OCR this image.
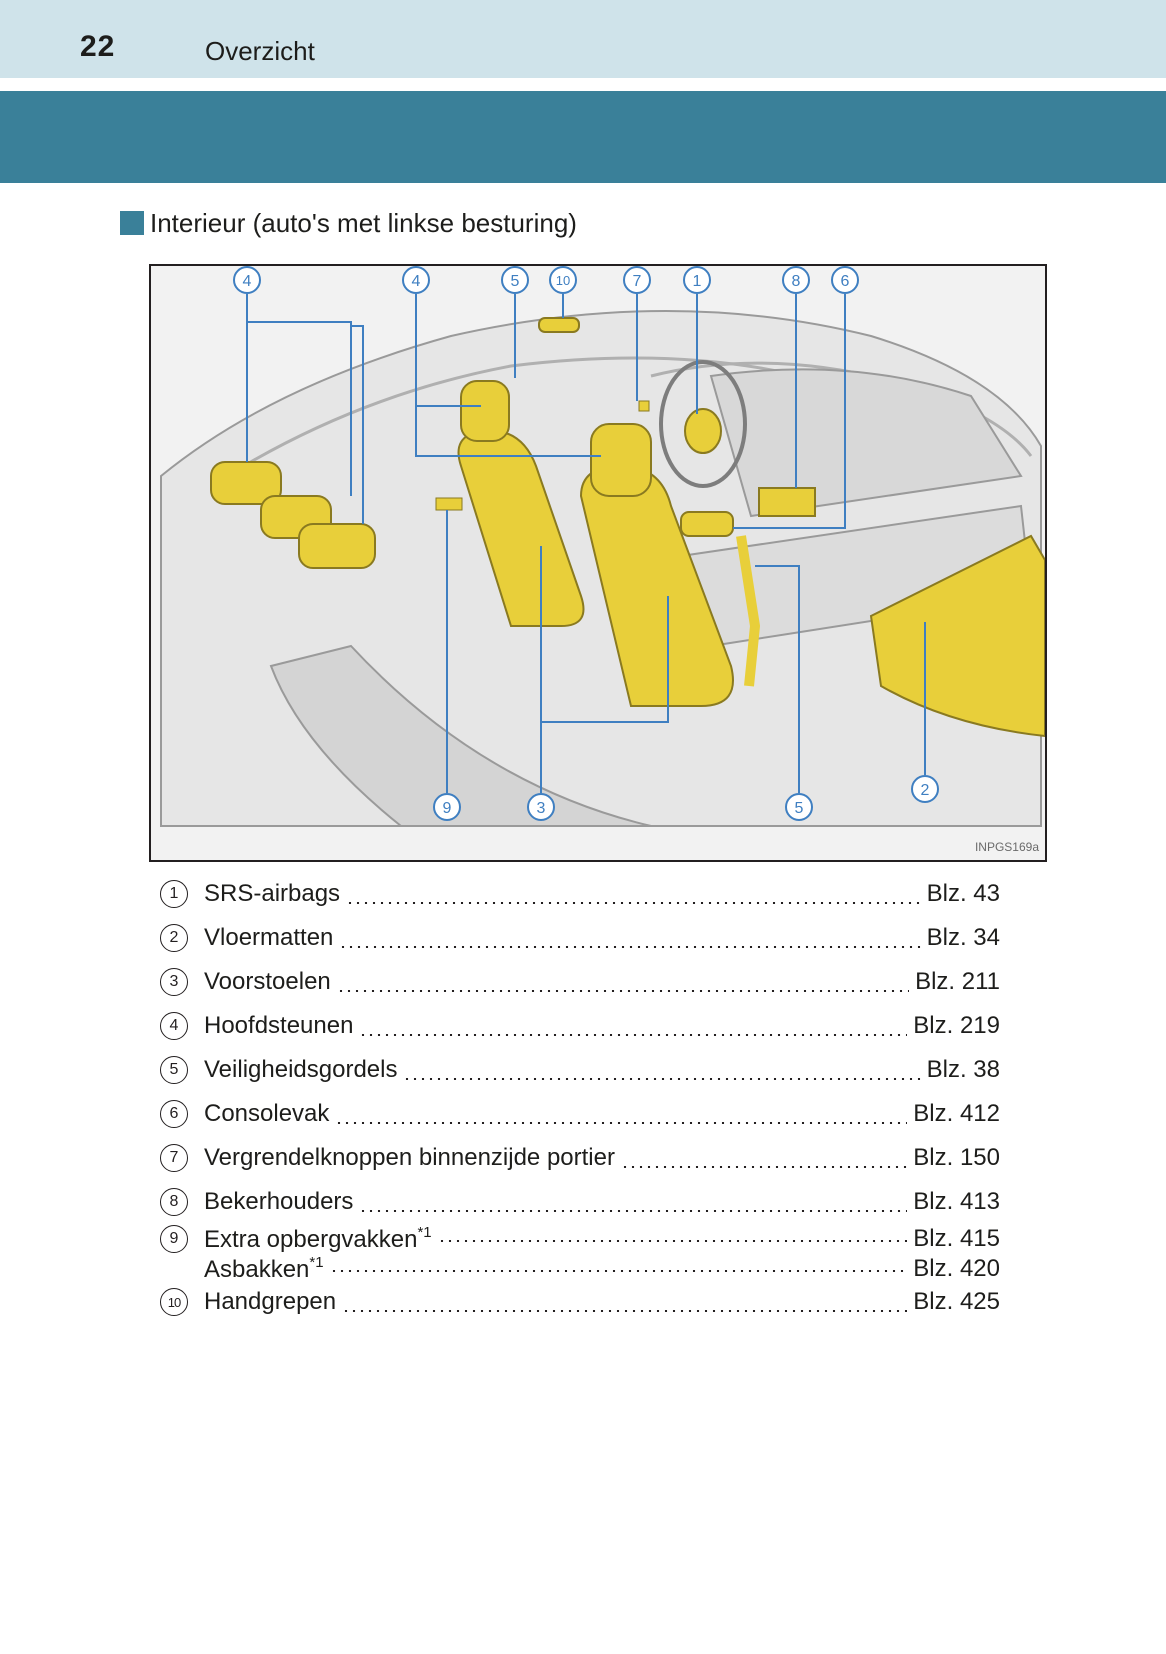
22	Overzicht
Interieur (auto's met linkse besturing)
4	4	5	10	7	1	8	6
9	3	5
2
INPGS169a
1	SRS-airbags	Blz. 43
2	Vloermatten	Blz. 34
3	Voorstoelen	Blz. 211
4	Hoofdsteunen	Blz. 219
5	Veiligheidsgordels	Blz. 38
6	Consolevak	Blz. 412
7	Vergrendelknoppen binnenzijde portier	Blz. 150
8	Bekerhouders	Blz. 413
9	Extra opbergvakken$^{*1}$	Blz. 415
Asbakken$^{*1}$	Blz. 420
10 Handgrepen	Blz. 425
